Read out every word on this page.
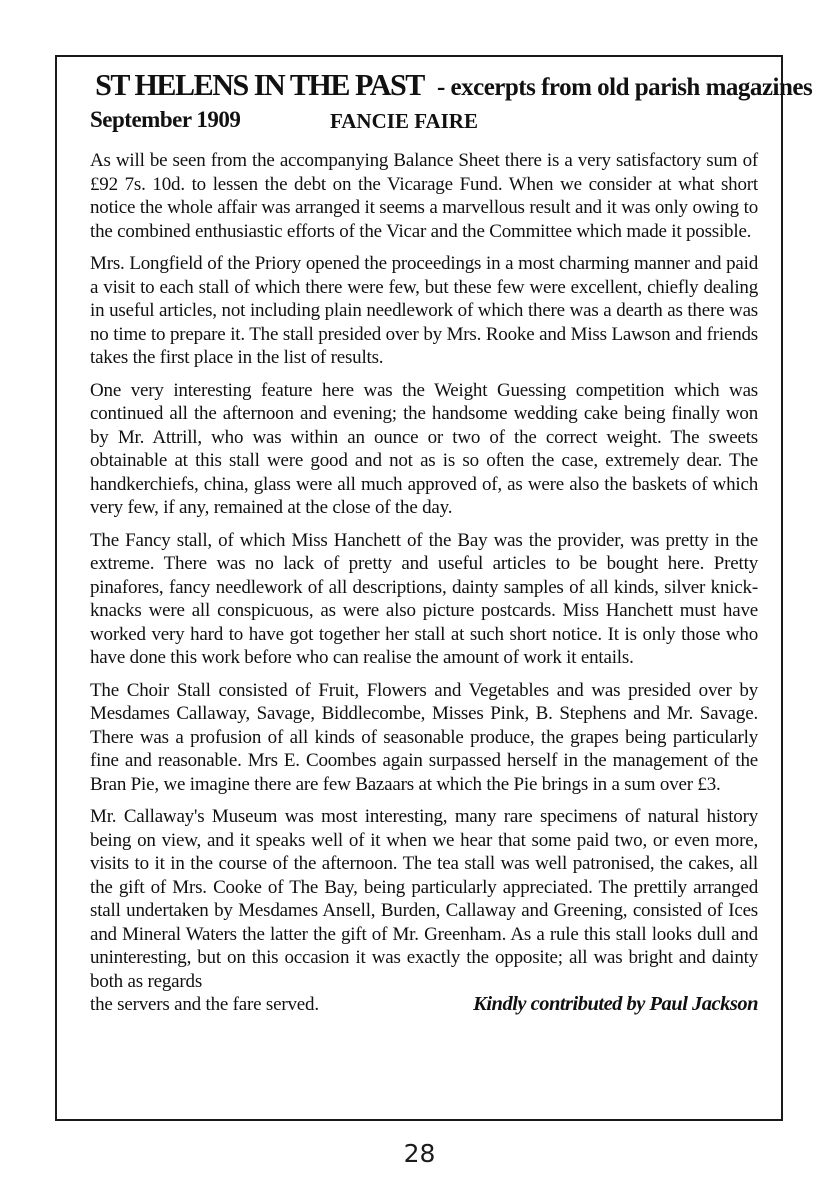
ST HELENS IN THE PAST - excerpts from old parish magazines
September 1909	FANCIE FAIRE

As will be seen from the accompanying Balance Sheet there is a very satisfactory sum of £92 7s. 10d. to lessen the debt on the Vicarage Fund. When we consider at what short notice the whole affair was arranged it seems a marvellous result and it was only owing to the combined enthusiastic efforts of the Vicar and the Committee which made it possible.

Mrs. Longfield of the Priory opened the proceedings in a most charming manner and paid a visit to each stall of which there were few, but these few were excellent, chiefly dealing in useful articles, not including plain needlework of which there was a dearth as there was no time to prepare it. The stall presided over by Mrs. Rooke and Miss Lawson and friends takes the first place in the list of results.

One very interesting feature here was the Weight Guessing competition which was continued all the afternoon and evening; the handsome wedding cake being finally won by Mr. Attrill, who was within an ounce or two of the correct weight. The sweets obtainable at this stall were good and not as is so often the case, extremely dear. The handkerchiefs, china, glass were all much approved of, as were also the baskets of which very few, if any, remained at the close of the day.

The Fancy stall, of which Miss Hanchett of the Bay was the provider, was pretty in the extreme. There was no lack of pretty and useful articles to be bought here. Pretty pinafores, fancy needlework of all descriptions, dainty samples of all kinds, silver knick-knacks were all conspicuous, as were also picture postcards. Miss Hanchett must have worked very hard to have got together her stall at such short notice. It is only those who have done this work before who can realise the amount of work it entails.

The Choir Stall consisted of Fruit, Flowers and Vegetables and was presided over by Mesdames Callaway, Savage, Biddlecombe, Misses Pink, B. Stephens and Mr. Savage. There was a profusion of all kinds of seasonable produce, the grapes being particularly fine and reasonable. Mrs E. Coombes again surpassed herself in the management of the Bran Pie, we imagine there are few Bazaars at which the Pie brings in a sum over £3.

Mr. Callaway's Museum was most interesting, many rare specimens of natural history being on view, and it speaks well of it when we hear that some paid two, or even more, visits to it in the course of the afternoon. The tea stall was well patronised, the cakes, all the gift of Mrs. Cooke of The Bay, being particularly appreciated. The prettily arranged stall undertaken by Mesdames Ansell, Burden, Callaway and Greening, consisted of Ices and Mineral Waters the latter the gift of Mr. Greenham. As a rule this stall looks dull and uninteresting, but on this occasion it was exactly the opposite; all was bright and dainty both as regards

the servers and the fare served.	Kindly contributed by Paul Jackson
28
